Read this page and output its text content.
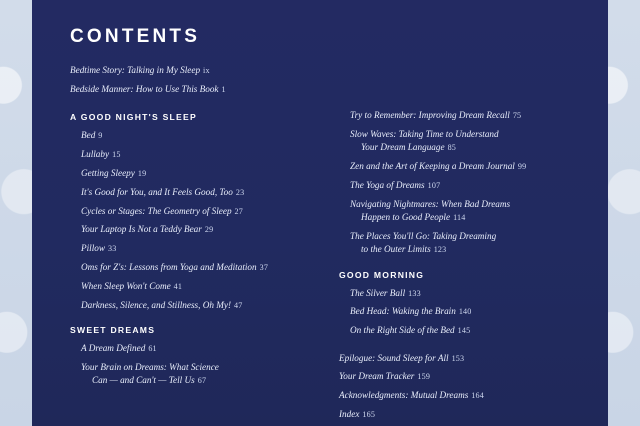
CONTENTS
Bedtime Story: Talking in My Sleep ix
Bedside Manner: How to Use This Book 1
A GOOD NIGHT'S SLEEP
Bed 9
Lullaby 15
Getting Sleepy 19
It's Good for You, and It Feels Good, Too 23
Cycles or Stages: The Geometry of Sleep 27
Your Laptop Is Not a Teddy Bear 29
Pillow 33
Oms for Z's: Lessons from Yoga and Meditation 37
When Sleep Won't Come 41
Darkness, Silence, and Stillness, Oh My! 47
SWEET DREAMS
A Dream Defined 61
Your Brain on Dreams: What Science
Can — and Can't — Tell Us 67
Try to Remember: Improving Dream Recall 75
Slow Waves: Taking Time to Understand
Your Dream Language 85
Zen and the Art of Keeping a Dream Journal 99
The Yoga of Dreams 107
Navigating Nightmares: When Bad Dreams
Happen to Good People 114
The Places You'll Go: Taking Dreaming
to the Outer Limits 123
GOOD MORNING
The Silver Ball 133
Bed Head: Waking the Brain 140
On the Right Side of the Bed 145
Epilogue: Sound Sleep for All 153
Your Dream Tracker 159
Acknowledgments: Mutual Dreams 164
Index 165
